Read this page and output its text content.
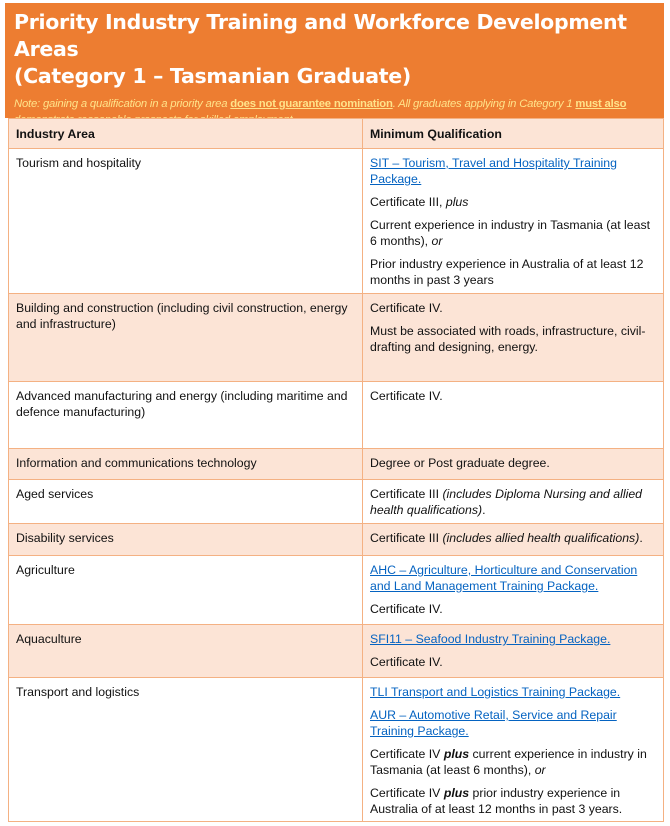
Priority Industry Training and Workforce Development Areas
(Category 1 – Tasmanian Graduate)
Note: gaining a qualification in a priority area does not guarantee nomination. All graduates applying in Category 1 must also
Industry Area	Minimum Qualification
Tourism and hospitality	SIT – Tourism, Travel and Hospitality Training Package.
Certificate III, plus
Current experience in industry in Tasmania (at least 6 months), or
Prior industry experience in Australia of at least 12 months in past 3 years

Building and construction (including civil construction, energy and infrastructure)	Certificate IV.
Must be associated with roads, infrastructure, civil-drafting and designing, energy.

Advanced manufacturing and energy (including maritime and defence manufacturing)	Certificate IV.

Information and communications technology	Degree or Post graduate degree.

Aged services	Certificate III (includes Diploma Nursing and allied health qualifications).

Disability services	Certificate III (includes allied health qualifications).

Agriculture	AHC – Agriculture, Horticulture and Conservation and Land Management Training Package.
Certificate IV.

Aquaculture	SFI11 – Seafood Industry Training Package.
Certificate IV.

Transport and logistics	TLI Transport and Logistics Training Package.
AUR – Automotive Retail, Service and Repair Training Package.
Certificate IV plus current experience in industry in Tasmania (at least 6 months), or
Certificate IV plus prior industry experience in Australia of at least 12 months in past 3 years.
